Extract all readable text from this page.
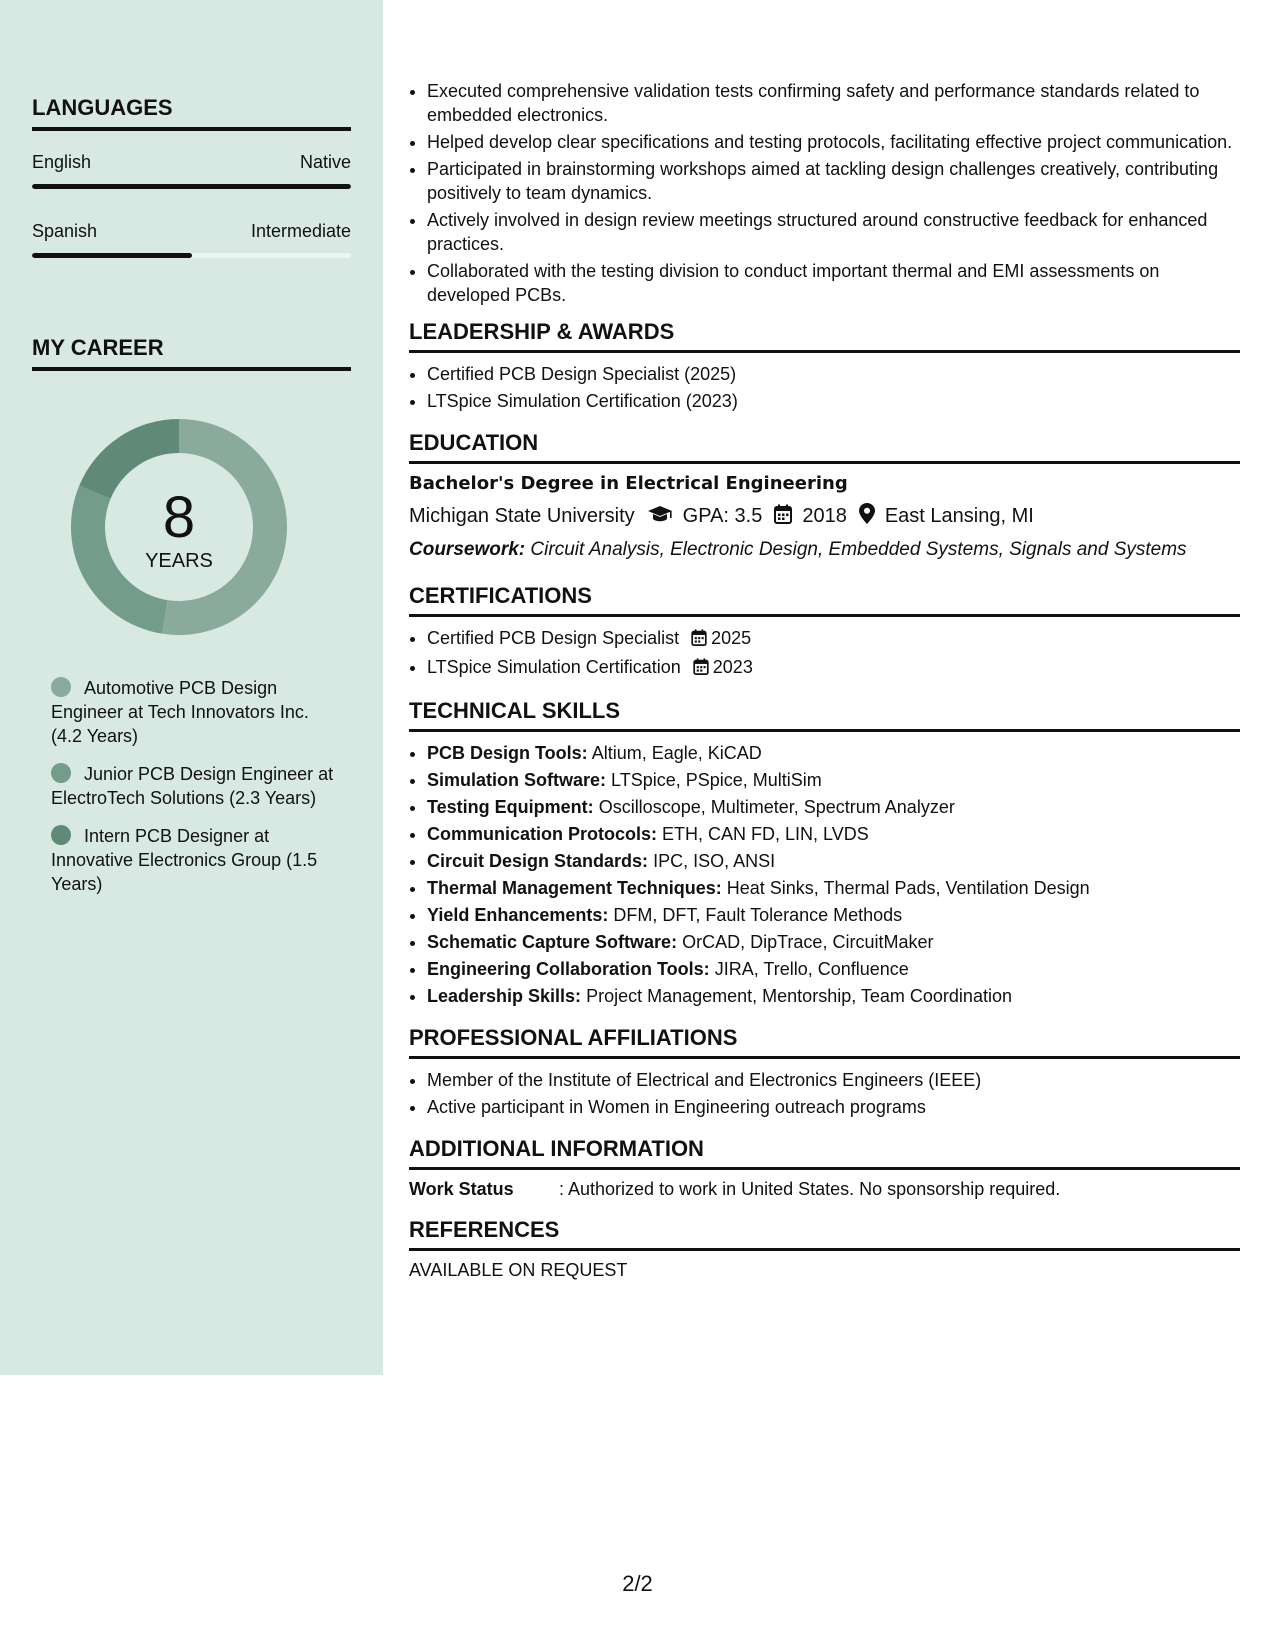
LANGUAGES
English	Native
Spanish	Intermediate
MY CAREER
8
YEARS
Automotive PCB Design Engineer at Tech Innovators Inc. (4.2 Years)
Junior PCB Design Engineer at ElectroTech Solutions (2.3 Years)
Intern PCB Designer at Innovative Electronics Group (1.5 Years)
• Executed comprehensive validation tests confirming safety and performance standards related to embedded electronics.
• Helped develop clear specifications and testing protocols, facilitating effective project communication.
• Participated in brainstorming workshops aimed at tackling design challenges creatively, contributing positively to team dynamics.
• Actively involved in design review meetings structured around constructive feedback for enhanced practices.
• Collaborated with the testing division to conduct important thermal and EMI assessments on developed PCBs.
LEADERSHIP & AWARDS
• Certified PCB Design Specialist (2025)
• LTSpice Simulation Certification (2023)
EDUCATION
Bachelor's Degree in Electrical Engineering
Michigan State University GPA: 3.5 2018 East Lansing, MI
Coursework: Circuit Analysis, Electronic Design, Embedded Systems, Signals and Systems
CERTIFICATIONS
• Certified PCB Design Specialist 2025
• LTSpice Simulation Certification 2023
TECHNICAL SKILLS
• PCB Design Tools: Altium, Eagle, KiCAD
• Simulation Software: LTSpice, PSpice, MultiSim
• Testing Equipment: Oscilloscope, Multimeter, Spectrum Analyzer
• Communication Protocols: ETH, CAN FD, LIN, LVDS
• Circuit Design Standards: IPC, ISO, ANSI
• Thermal Management Techniques: Heat Sinks, Thermal Pads, Ventilation Design
• Yield Enhancements: DFM, DFT, Fault Tolerance Methods
• Schematic Capture Software: OrCAD, DipTrace, CircuitMaker
• Engineering Collaboration Tools: JIRA, Trello, Confluence
• Leadership Skills: Project Management, Mentorship, Team Coordination
PROFESSIONAL AFFILIATIONS
• Member of the Institute of Electrical and Electronics Engineers (IEEE)
• Active participant in Women in Engineering outreach programs
ADDITIONAL INFORMATION
Work Status	: Authorized to work in United States. No sponsorship required.
REFERENCES
AVAILABLE ON REQUEST
2/2
